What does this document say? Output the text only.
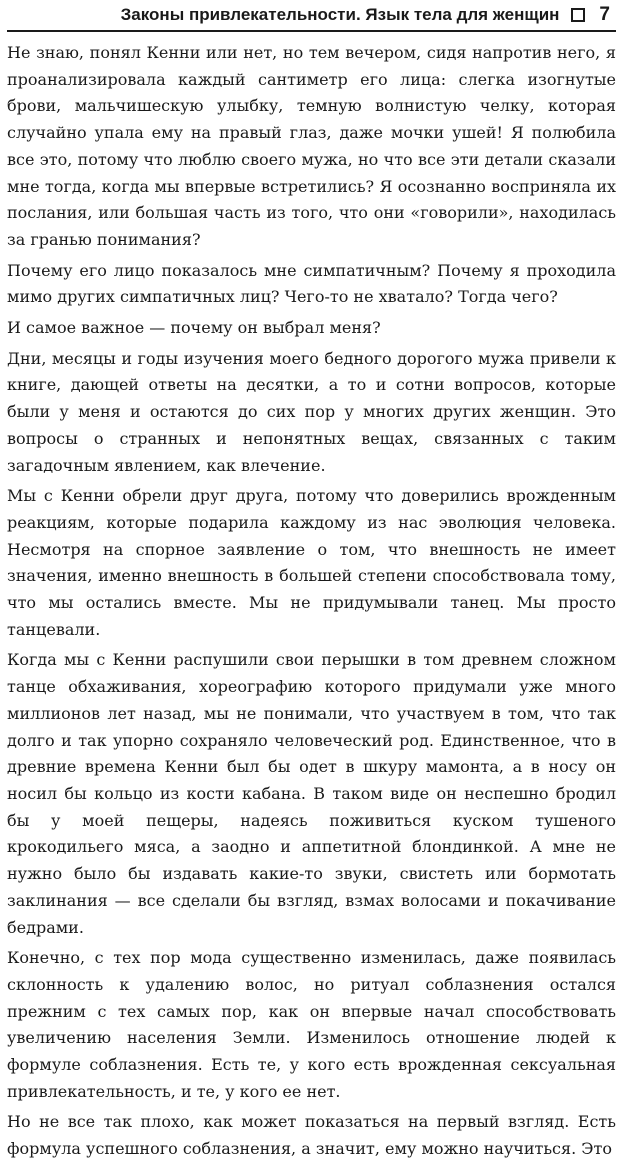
Законы привлекательности. Язык тела для женщин 7

Не знаю, понял Кенни или нет, но тем вечером, сидя напротив него, я проанализировала каждый сантиметр его лица: слегка изогнутые брови, мальчишескую улыбку, темную волнистую челку, которая случайно упала ему на правый глаз, даже мочки ушей! Я полюбила все это, потому что люблю своего мужа, но что все эти детали сказали мне тогда, когда мы впервые встретились? Я осознанно восприняла их послания, или большая часть из того, что они «говорили», находилась за гранью понимания?

Почему его лицо показалось мне симпатичным? Почему я проходила мимо других симпатичных лиц? Чего-то не хватало? Тогда чего?

И самое важное — почему он выбрал меня?

Дни, месяцы и годы изучения моего бедного дорогого мужа привели к книге, дающей ответы на десятки, а то и сотни вопросов, которые были у меня и остаются до сих пор у многих других женщин. Это вопросы о странных и непонятных вещах, связанных с таким загадочным явлением, как влечение.

Мы с Кенни обрели друг друга, потому что доверились врожденным реакциям, которые подарила каждому из нас эволюция человека. Несмотря на спорное заявление о том, что внешность не имеет значения, именно внешность в большей степени способствовала тому, что мы остались вместе. Мы не придумывали танец. Мы просто танцевали.

Когда мы с Кенни распушили свои перышки в том древнем сложном танце обхаживания, хореографию которого придумали уже много миллионов лет назад, мы не понимали, что участвуем в том, что так долго и так упорно сохраняло человеческий род. Единственное, что в древние времена Кенни был бы одет в шкуру мамонта, а в носу он носил бы кольцо из кости кабана. В таком виде он неспешно бродил бы у моей пещеры, надеясь поживиться куском тушеного крокодильего мяса, а заодно и аппетитной блондинкой. А мне не нужно было бы издавать какие-то звуки, свистеть или бормотать заклинания — все сделали бы взгляд, взмах волосами и покачивание бедрами.

Конечно, с тех пор мода существенно изменилась, даже появилась склонность к удалению волос, но ритуал соблазнения остался прежним с тех самых пор, как он впервые начал способствовать увеличению населения Земли. Изменилось отношение людей к формуле соблазнения. Есть те, у кого есть врожденная сексуальная привлекательность, и те, у кого ее нет.

Но не все так плохо, как может показаться на первый взгляд. Есть формула успешного соблазнения, а значит, ему можно научиться. Это
